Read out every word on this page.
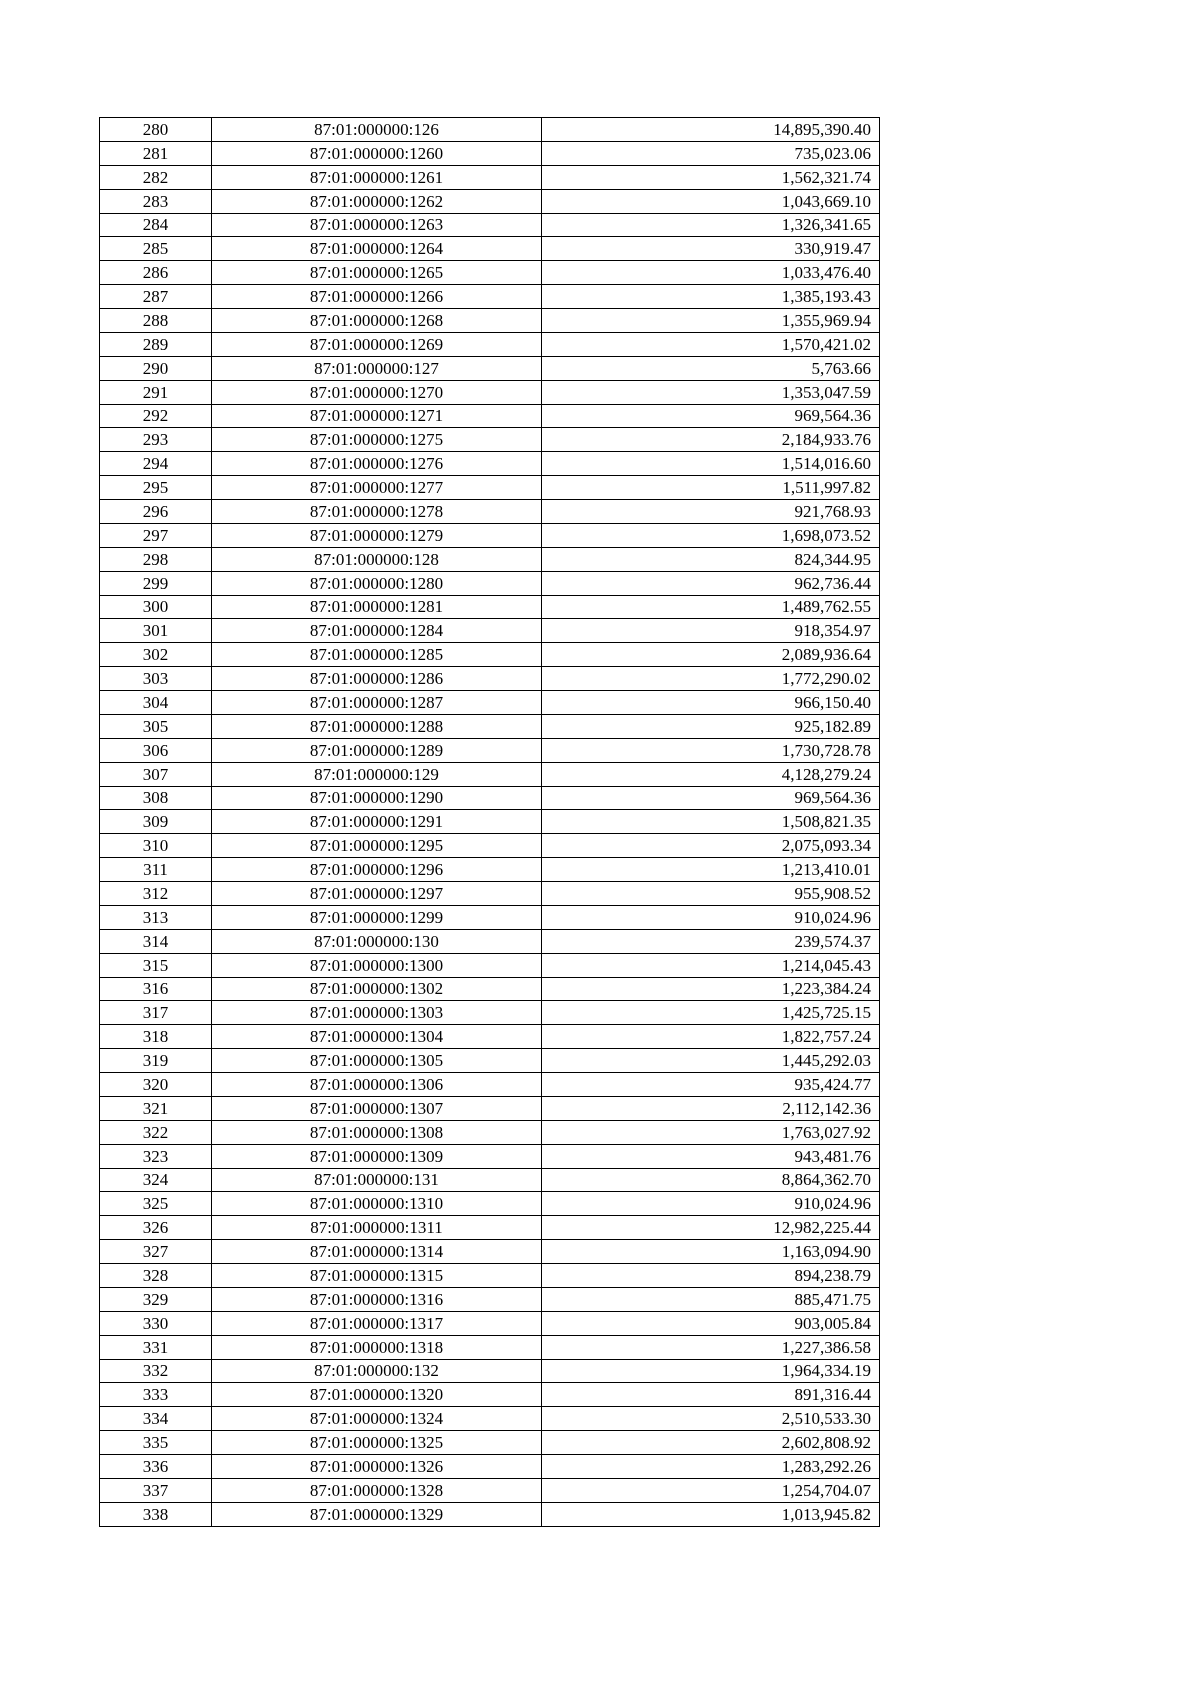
280	87:01:000000:126	14,895,390.40
281	87:01:000000:1260	735,023.06
282	87:01:000000:1261	1,562,321.74
283	87:01:000000:1262	1,043,669.10
284	87:01:000000:1263	1,326,341.65
285	87:01:000000:1264	330,919.47
286	87:01:000000:1265	1,033,476.40
287	87:01:000000:1266	1,385,193.43
288	87:01:000000:1268	1,355,969.94
289	87:01:000000:1269	1,570,421.02
290	87:01:000000:127	5,763.66
291	87:01:000000:1270	1,353,047.59
292	87:01:000000:1271	969,564.36
293	87:01:000000:1275	2,184,933.76
294	87:01:000000:1276	1,514,016.60
295	87:01:000000:1277	1,511,997.82
296	87:01:000000:1278	921,768.93
297	87:01:000000:1279	1,698,073.52
298	87:01:000000:128	824,344.95
299	87:01:000000:1280	962,736.44
300	87:01:000000:1281	1,489,762.55
301	87:01:000000:1284	918,354.97
302	87:01:000000:1285	2,089,936.64
303	87:01:000000:1286	1,772,290.02
304	87:01:000000:1287	966,150.40
305	87:01:000000:1288	925,182.89
306	87:01:000000:1289	1,730,728.78
307	87:01:000000:129	4,128,279.24
308	87:01:000000:1290	969,564.36
309	87:01:000000:1291	1,508,821.35
310	87:01:000000:1295	2,075,093.34
311	87:01:000000:1296	1,213,410.01
312	87:01:000000:1297	955,908.52
313	87:01:000000:1299	910,024.96
314	87:01:000000:130	239,574.37
315	87:01:000000:1300	1,214,045.43
316	87:01:000000:1302	1,223,384.24
317	87:01:000000:1303	1,425,725.15
318	87:01:000000:1304	1,822,757.24
319	87:01:000000:1305	1,445,292.03
320	87:01:000000:1306	935,424.77
321	87:01:000000:1307	2,112,142.36
322	87:01:000000:1308	1,763,027.92
323	87:01:000000:1309	943,481.76
324	87:01:000000:131	8,864,362.70
325	87:01:000000:1310	910,024.96
326	87:01:000000:1311	12,982,225.44
327	87:01:000000:1314	1,163,094.90
328	87:01:000000:1315	894,238.79
329	87:01:000000:1316	885,471.75
330	87:01:000000:1317	903,005.84
331	87:01:000000:1318	1,227,386.58
332	87:01:000000:132	1,964,334.19
333	87:01:000000:1320	891,316.44
334	87:01:000000:1324	2,510,533.30
335	87:01:000000:1325	2,602,808.92
336	87:01:000000:1326	1,283,292.26
337	87:01:000000:1328	1,254,704.07
338	87:01:000000:1329	1,013,945.82
